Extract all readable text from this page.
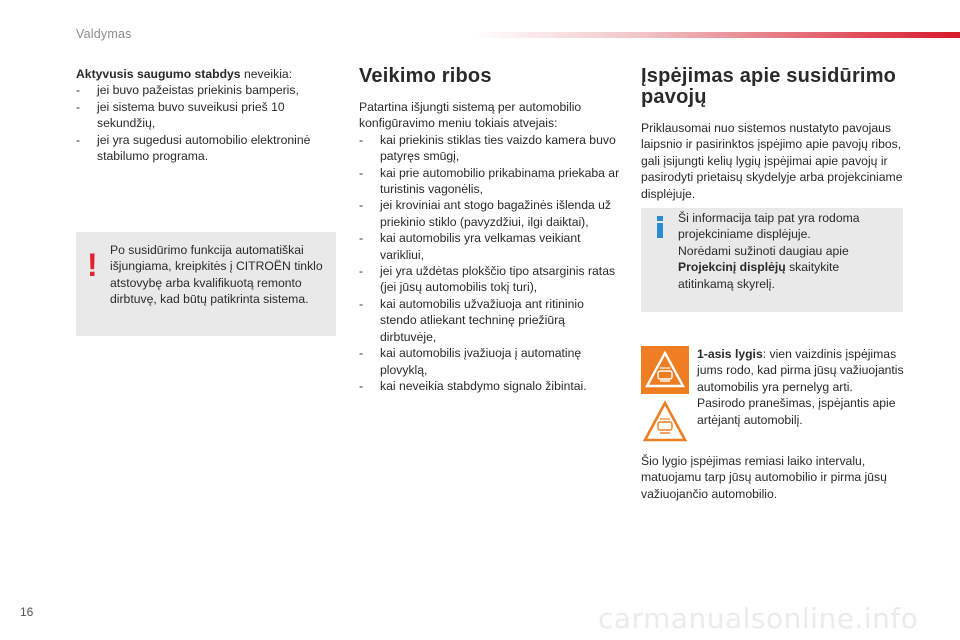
Valdymas

Aktyvusis saugumo stabdys neveikia:

- jei buvo pažeistas priekinis bamperis,
- jei sistema buvo suveikusi prieš 10 sekundžių,
- jei yra sugedusi automobilio elektroninė stabilumo programa.
! Po susidūrimo funkcija automatiškai išjungiama, kreipkitės į CITROËN tinklo atstovybę arba kvalifikuotą remonto dirbtuvę, kad būtų patikrinta sistema.
Veikimo ribos

Patartina išjungti sistemą per automobilio konfigūravimo meniu tokiais atvejais:

- kai priekinis stiklas ties vaizdo kamera buvo patyręs smūgį,
- kai prie automobilio prikabinama priekaba ar turistinis vagonėlis,
- jei kroviniai ant stogo bagažinės išlenda už priekinio stiklo (pavyzdžiui, ilgi daiktai),
- kai automobilis yra velkamas veikiant varikliui,
- jei yra uždėtas plokščio tipo atsarginis ratas (jei jūsų automobilis tokį turi),
- kai automobilis užvažiuoja ant ritininio stendo atliekant techninę priežiūrą dirbtuvėje,
- kai automobilis įvažiuoja į automatinę plovyklą,
- kai neveikia stabdymo signalo žibintai.
Įspėjimas apie susidūrimo
pavojų

Priklausomai nuo sistemos nustatyto pavojaus laipsnio ir pasirinktos įspėjimo apie pavojų ribos, gali įsijungti kelių lygių įspėjimai apie pavojų ir pasirodyti prietaisų skydelyje arba projekciniame displėjuje.

Ši informacija taip pat yra rodoma projekciniame displėjuje.

Norėdami sužinoti daugiau apie Projekcinį displėjų skaitykite atitinkamą skyrelį.

1-asis lygis: vien vaizdinis įspėjimas jums rodo, kad pirma jūsų važiuojantis automobilis yra pernelyg arti.

Pasirodo pranešimas, įspėjantis apie artėjantį automobilį.

Šio lygio įspėjimas remiasi laiko intervalu, matuojamu tarp jūsų automobilio ir pirma jūsų važiuojančio automobilio.
16	carmanualsonline.info
